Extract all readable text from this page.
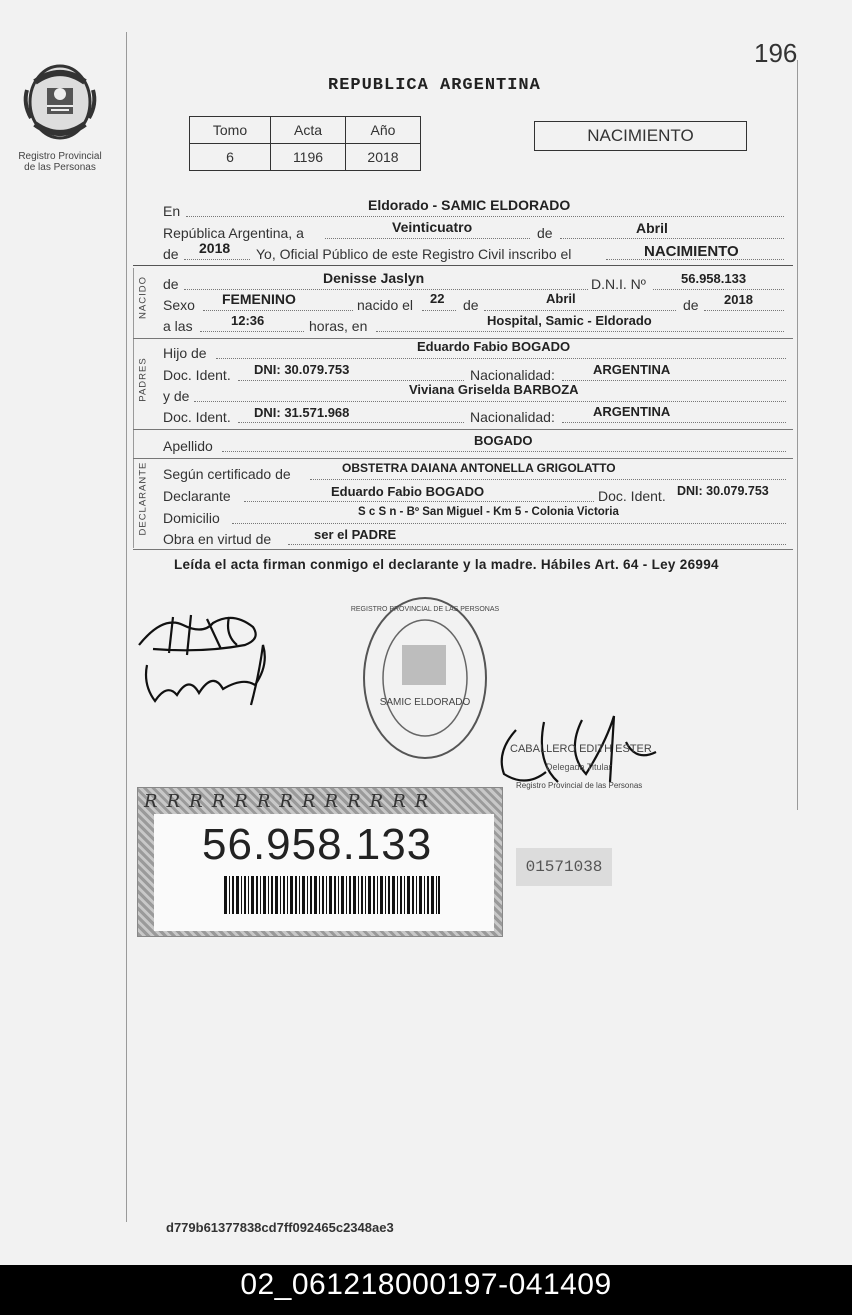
196
Registro Provincial
de las Personas
REPUBLICA ARGENTINA
Tomo	Acta	Año
6	1196	2018
NACIMIENTO
En	Eldorado - SAMIC ELDORADO
República Argentina, a	Veinticuatro	de	Abril
de 2018 Yo, Oficial Público de este Registro Civil inscribo el	NACIMIENTO
NACIDO de	Denisse Jaslyn	D.N.I. Nº	56.958.133
Sexo FEMENINO	nacido el 22 de	Abril	de 2018
a las	12:36	horas, en	Hospital, Samic - Eldorado
PADRES
Hijo de	Eduardo Fabio BOGADO
Doc. Ident. DNI: 30.079.753	Nacionalidad:	ARGENTINA
y de	Viviana Griselda BARBOZA
Doc. Ident. DNI: 31.571.968	Nacionalidad:	ARGENTINA
Apellido	BOGADO
DECLARANTE Según certificado de	OBSTETRA DAIANA ANTONELLA GRIGOLATTO
Declarante	Eduardo Fabio BOGADO	Doc. Ident. DNI: 30.079.753
Domicilio	S c S n - Bº San Miguel - Km 5 - Colonia Victoria
Obra en virtud de	ser el PADRE
Leída el acta firman conmigo el declarante y la madre. Hábiles Art. 64 - Ley 26994
SAMIC ELDORADO
REGISTRO PROVINCIAL DE LAS PERSONAS
CABALLERO EDITH ESTER
Delegada Titular
Registro Provincial de las Personas
RRRRRRRRRRRRR
56.958.133	01571038
d779b61377838cd7ff092465c2348ae3
02_061218000197-041409
